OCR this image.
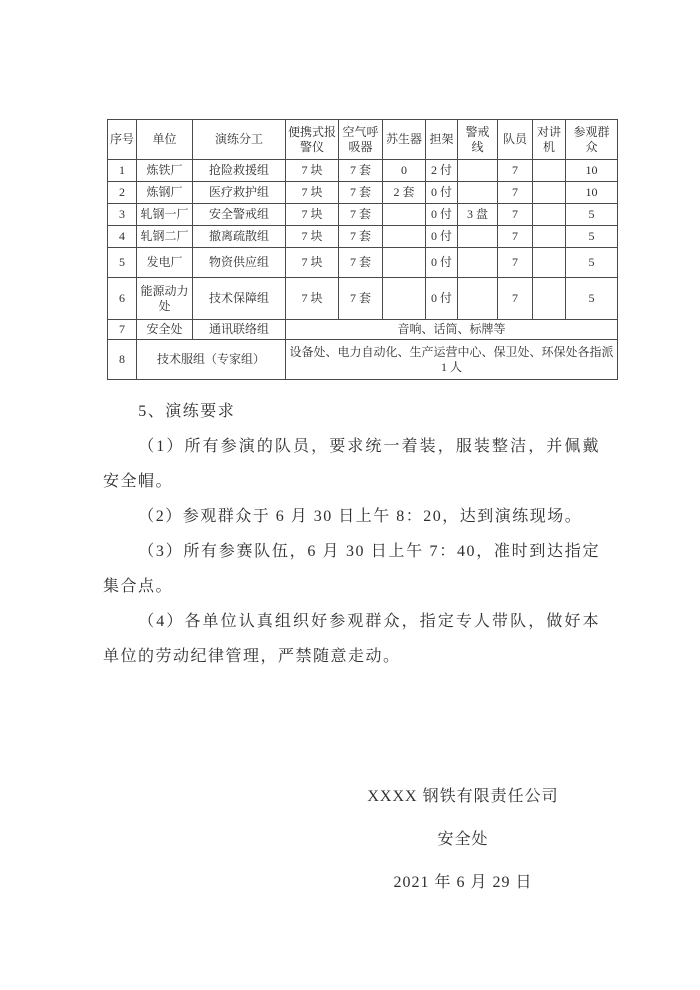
序号	单位	演练分工	便携式报警仪	空气呼吸器	苏生器	担架	警戒线	队员	对讲机	参观群众
1	炼铁厂	抢险救援组	7 块	7 套	0	2 付		7		10
2	炼钢厂	医疗救护组	7 块	7 套	2 套	0 付		7		10
3	轧钢一厂	安全警戒组	7 块	7 套		0 付	3 盘	7		5
4	轧钢二厂	撤离疏散组	7 块	7 套		0 付		7		5
5	发电厂	物资供应组	7 块	7 套		0 付		7		5
6	能源动力处	技术保障组	7 块	7 套		0 付		7		5
7	安全处	通讯联络组	音响、话筒、标牌等							
8	技术服组（专家组）		设备处、电力自动化、生产运营中心、保卫处、环保处各指派 1 人							

5、演练要求

（1）所有参演的队员，要求统一着装，服装整洁，并佩戴安全帽。

（2）参观群众于 6 月 30 日上午 8：20，达到演练现场。

（3）所有参赛队伍，6 月 30 日上午 7：40，准时到达指定集合点。

（4）各单位认真组织好参观群众，指定专人带队，做好本单位的劳动纪律管理，严禁随意走动。

XXXX 钢铁有限责任公司
安全处
2021 年 6 月 29 日
